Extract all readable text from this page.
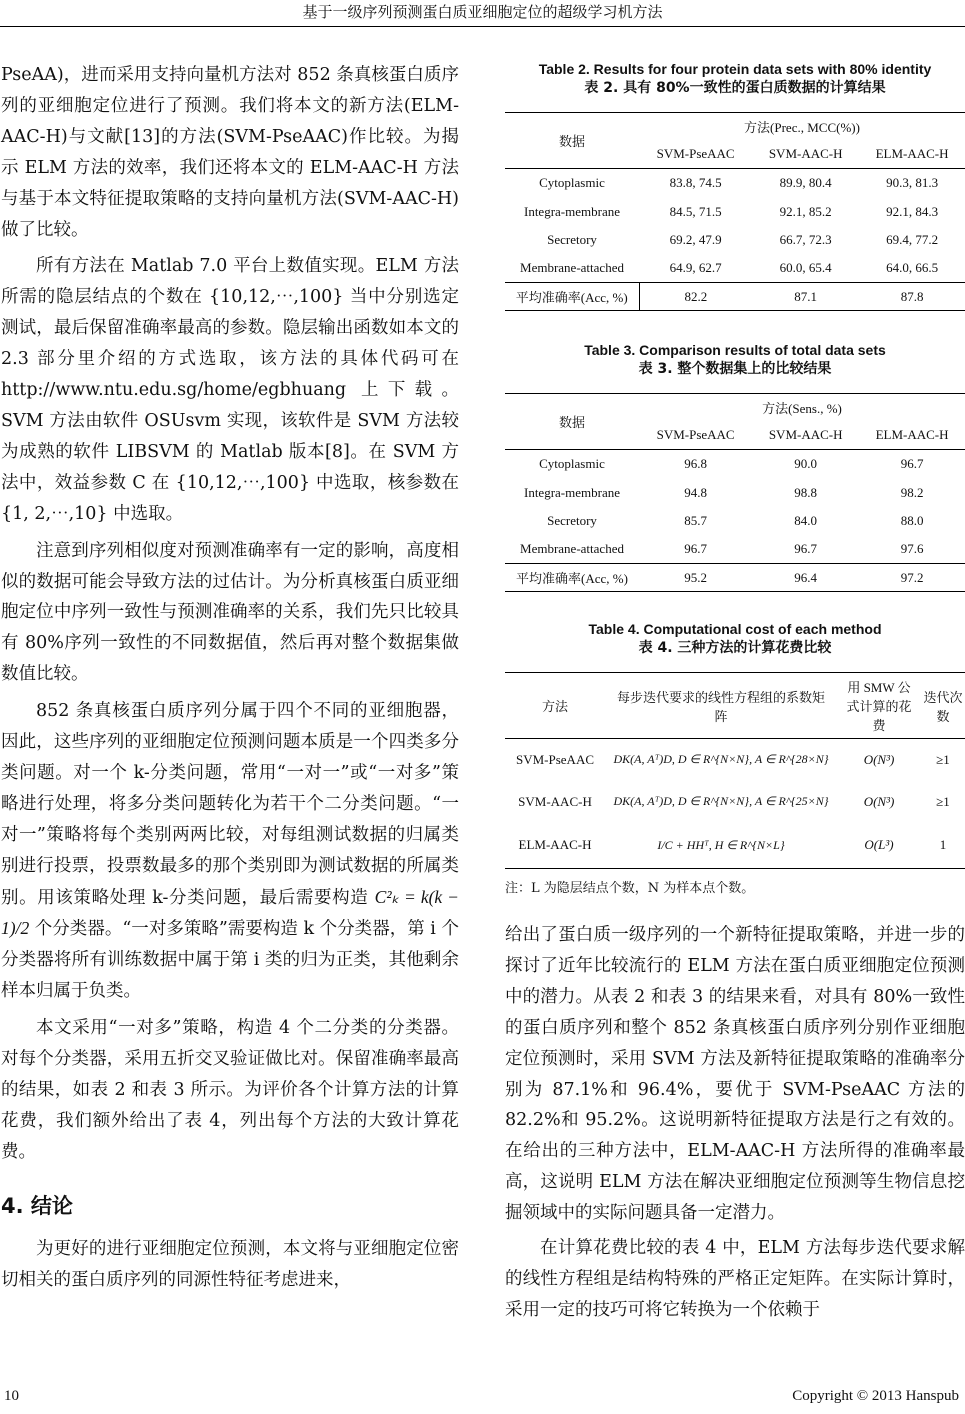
基于一级序列预测蛋白质亚细胞定位的超级学习机方法

PseAA)，进而采用支持向量机方法对 852 条真核蛋白质序列的亚细胞定位进行了预测。我们将本文的新方法(ELM-AAC-H)与文献[13]的方法(SVM-PseAAC)作比较。为揭示 ELM 方法的效率，我们还将本文的 ELM-AAC-H 方法与基于本文特征提取策略的支持向量机方法(SVM-AAC-H)做了比较。

所有方法在 Matlab 7.0 平台上数值实现。ELM 方法所需的隐层结点的个数在 {10,12,⋯,100} 当中分别选定测试，最后保留准确率最高的参数。隐层输出函数如本文的 2.3 部分里介绍的方式选取，该方法的具体代码可在 http://www.ntu.edu.sg/home/egbhuang 上下载。SVM 方法由软件 OSUsvm 实现，该软件是 SVM 方法较为成熟的软件 LIBSVM 的 Matlab 版本[8]。在 SVM 方法中，效益参数 C 在 {10,12,⋯,100} 中选取，核参数在 {1, 2,⋯,10} 中选取。

注意到序列相似度对预测准确率有一定的影响，高度相似的数据可能会导致方法的过估计。为分析真核蛋白质亚细胞定位中序列一致性与预测准确率的关系，我们先只比较具有 80%序列一致性的不同数据值，然后再对整个数据集做数值比较。

852 条真核蛋白质序列分属于四个不同的亚细胞器，因此，这些序列的亚细胞定位预测问题本质是一个四类多分类问题。对一个 k-分类问题，常用“一对一”或“一对多”策略进行处理，将多分类问题转化为若干个二分类问题。“一对一”策略将每个类别两两比较，对每组测试数据的归属类别进行投票，投票数最多的那个类别即为测试数据的所属类别。用该策略处理 k-分类问题，最后需要构造 C²ₖ = k(k − 1)/2 个分类器。“一对多策略”需要构造 k 个分类器，第 i 个分类器将所有训练数据中属于第 i 类的归为正类，其他剩余样本归属于负类。

本文采用“一对多”策略，构造 4 个二分类的分类器。对每个分类器，采用五折交叉验证做比对。保留准确率最高的结果，如表 2 和表 3 所示。为评价各个计算方法的计算花费，我们额外给出了表 4，列出每个方法的大致计算花费。

4. 结论

为更好的进行亚细胞定位预测，本文将与亚细胞定位密切相关的蛋白质序列的同源性特征考虑进来，

Table 2. Results for four protein data sets with 80% identity
表 2. 具有 80%一致性的蛋白质数据的计算结果
数据	方法(Prec., MCC(%))		
	SVM-PseAAC	SVM-AAC-H	ELM-AAC-H
Cytoplasmic	83.8, 74.5	89.9, 80.4	90.3, 81.3
Integra-membrane	84.5, 71.5	92.1, 85.2	92.1, 84.3
Secretory	69.2, 47.9	66.7, 72.3	69.4, 77.2
Membrane-attached	64.9, 62.7	60.0, 65.4	64.0, 66.5
平均准确率(Acc, %)	82.2	87.1	87.8
Table 3. Comparison results of total data sets
表 3. 整个数据集上的比较结果
数据	方法(Sens., %)		
	SVM-PseAAC	SVM-AAC-H	ELM-AAC-H
Cytoplasmic	96.8	90.0	96.7
Integra-membrane	94.8	98.8	98.2
Secretory	85.7	84.0	88.0
Membrane-attached	96.7	96.7	97.6
平均准确率(Acc, %)	95.2	96.4	97.2
Table 4. Computational cost of each method
表 4. 三种方法的计算花费比较
方法	每步迭代要求的线性方程组的系数矩阵	用 SMW 公式计算的花费	迭代次数
SVM-PseAAC	DK(A, Aᵀ)D, D ∈ R^{N×N}, A ∈ R^{28×N}	O(N³)	≥1
SVM-AAC-H	DK(A, Aᵀ)D, D ∈ R^{N×N}, A ∈ R^{25×N}	O(N³)	≥1
ELM-AAC-H	I/C + HHᵀ, H ∈ R^{N×L}	O(L³)	1
注：L 为隐层结点个数，N 为样本点个数。

给出了蛋白质一级序列的一个新特征提取策略，并进一步的探讨了近年比较流行的 ELM 方法在蛋白质亚细胞定位预测中的潜力。从表 2 和表 3 的结果来看，对具有 80%一致性的蛋白质序列和整个 852 条真核蛋白质序列分别作亚细胞定位预测时，采用 SVM 方法及新特征提取策略的准确率分别为 87.1%和 96.4%，要优于 SVM-PseAAC 方法的 82.2%和 95.2%。这说明新特征提取方法是行之有效的。在给出的三种方法中，ELM-AAC-H 方法所得的准确率最高，这说明 ELM 方法在解决亚细胞定位预测等生物信息挖掘领域中的实际问题具备一定潜力。

在计算花费比较的表 4 中，ELM 方法每步迭代要求解的线性方程组是结构特殊的严格正定矩阵。在实际计算时，采用一定的技巧可将它转换为一个依赖于

10	Copyright © 2013 Hanspub
